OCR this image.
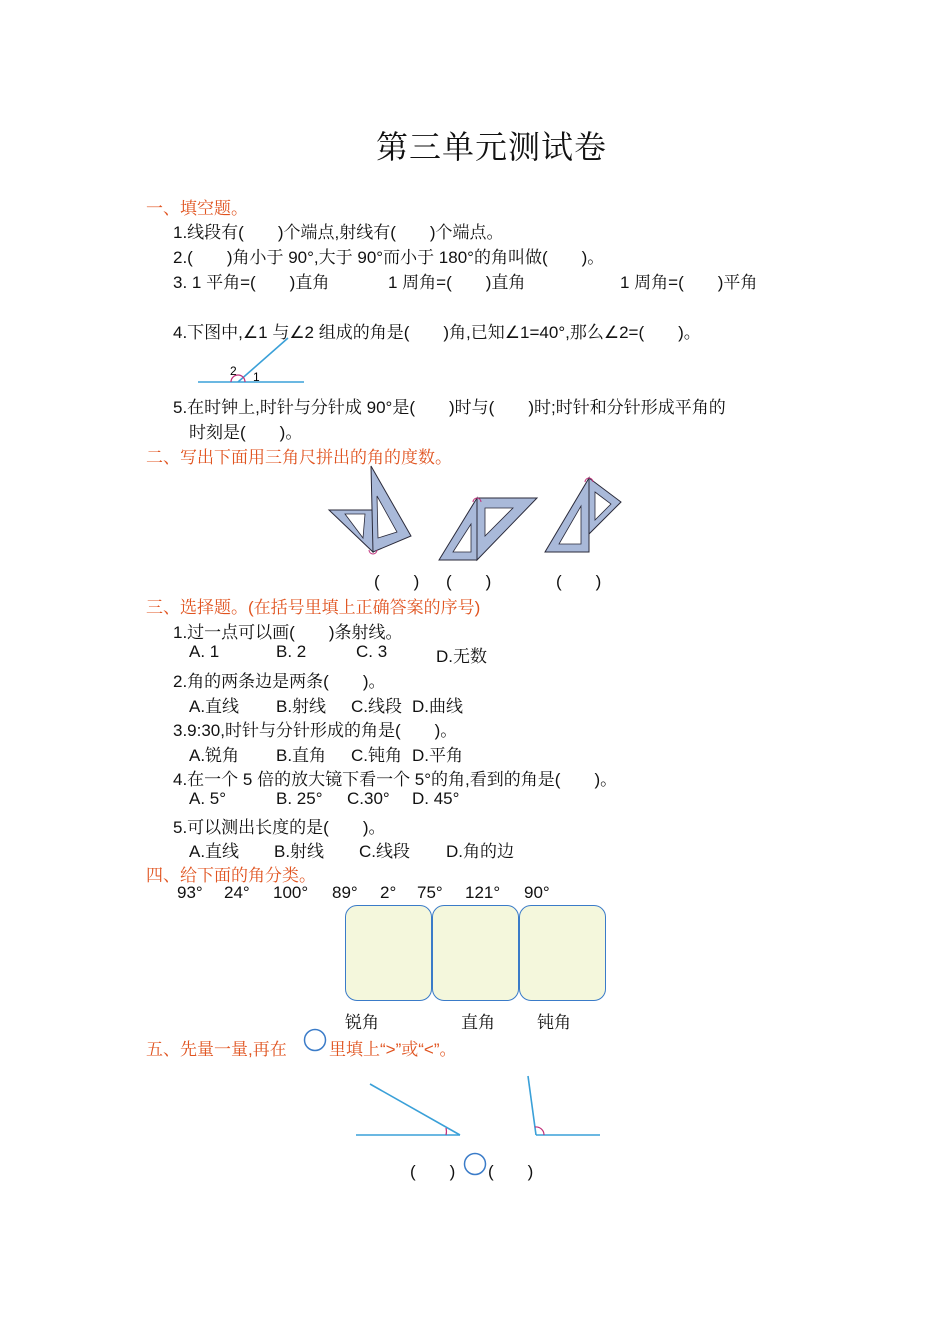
第三单元测试卷
一、填空题。
1.线段有(　　)个端点,射线有(　　)个端点。
2.(　　)角小于 90°,大于 90°而小于 180°的角叫做(　　)。
3. 1 平角=(　　)直角	1 周角=(　　)直角	1 周角=(　　)平角
4.下图中,∠1 与∠2 组成的角是(　　)角,已知∠1=40°,那么∠2=(　　)。
2 1
5.在时钟上,时针与分针成 90°是(　　)时与(　　)时;时针和分针形成平角的
时刻是(　　)。
二、写出下面用三角尺拼出的角的度数。
(　　) (　　)	(　　)
三、选择题。(在括号里填上正确答案的序号)
1.过一点可以画(　　)条射线。
A. 1	B. 2	C. 3	D.无数
2.角的两条边是两条(　　)。
A.直线 B.射线 C.线段 D.曲线
3.9:30,时针与分针形成的角是(　　)。
A.锐角 B.直角 C.钝角 D.平角
4.在一个 5 倍的放大镜下看一个 5°的角,看到的角是(　　)。
A. 5°	B. 25° C.30° D. 45°
5.可以测出长度的是(　　)。
A.直线 B.射线 C.线段 D.角的边
四、给下面的角分类。
93° 24° 100° 89° 2° 75° 121° 90°
锐角	直角 钝角
五、先量一量,再在 里填上“>”或“<”。
(　　) (　　)
